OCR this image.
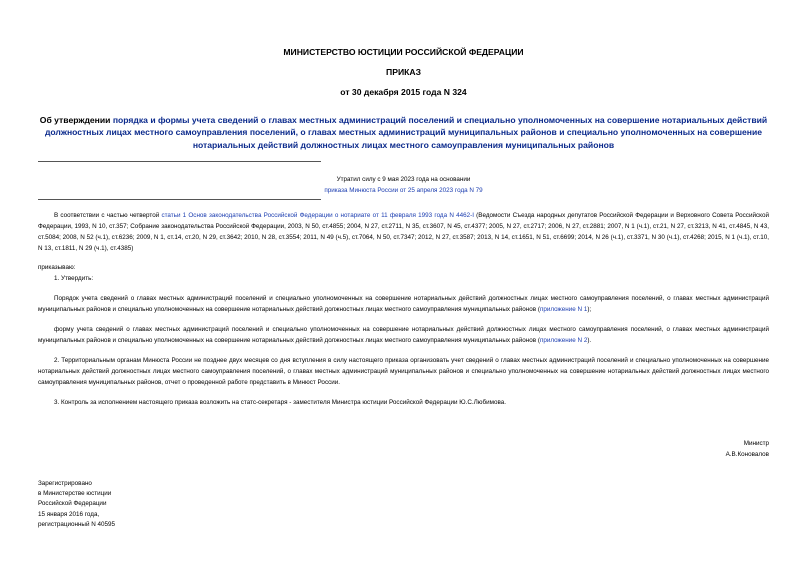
МИНИСТЕРСТВО ЮСТИЦИИ РОССИЙСКОЙ ФЕДЕРАЦИИ
ПРИКАЗ
от 30 декабря 2015 года N 324
Об утверждении порядка и формы учета сведений о главах местных администраций поселений и специально уполномоченных на совершение нотариальных действий должностных лицах местного самоуправления поселений, о главах местных администраций муниципальных районов и специально уполномоченных на совершение нотариальных действий должностных лицах местного самоуправления муниципальных районов
Утратил силу с 9 мая 2023 года на основании
приказа Минюста России от 25 апреля 2023 года N 79
В соответствии с частью четвертой статьи 1 Основ законодательства Российской Федерации о нотариате от 11 февраля 1993 года N 4462-I (Ведомости Съезда народных депутатов Российской Федерации и Верховного Совета Российской Федерации, 1993, N 10, ст.357; Собрание законодательства Российской Федерации, 2003, N 50, ст.4855; 2004, N 27, ст.2711, N 35, ст.3607, N 45, ст.4377; 2005, N 27, ст.2717; 2006, N 27, ст.2881; 2007, N 1 (ч.1), ст.21, N 27, ст.3213, N 41, ст.4845, N 43, ст.5084; 2008, N 52 (ч.1), ст.6236; 2009, N 1, ст.14, ст.20, N 29, ст.3642; 2010, N 28, ст.3554; 2011, N 49 (ч.5), ст.7064, N 50, ст.7347; 2012, N 27, ст.3587; 2013, N 14, ст.1651, N 51, ст.6699; 2014, N 26 (ч.1), ст.3371, N 30 (ч.1), ст.4268; 2015, N 1 (ч.1), ст.10, N 13, ст.1811, N 29 (ч.1), ст.4385)
приказываю:
1. Утвердить:
Порядок учета сведений о главах местных администраций поселений и специально уполномоченных на совершение нотариальных действий должностных лицах местного самоуправления поселений, о главах местных администраций муниципальных районов и специально уполномоченных на совершение нотариальных действий должностных лицах местного самоуправления муниципальных районов (приложение N 1);
форму учета сведений о главах местных администраций поселений и специально уполномоченных на совершение нотариальных действий должностных лицах местного самоуправления поселений, о главах местных администраций муниципальных районов и специально уполномоченных на совершение нотариальных действий должностных лицах местного самоуправления муниципальных районов (приложение N 2).
2. Территориальным органам Минюста России не позднее двух месяцев со дня вступления в силу настоящего приказа организовать учет сведений о главах местных администраций поселений и специально уполномоченных на совершение нотариальных действий должностных лицах местного самоуправления поселений, о главах местных администраций муниципальных районов и специально уполномоченных на совершение нотариальных действий должностных лицах местного самоуправления муниципальных районов, отчет о проведенной работе представить в Минюст России.
3. Контроль за исполнением настоящего приказа возложить на статс-секретаря - заместителя Министра юстиции Российской Федерации Ю.С.Любимова.
Министр
А.В.Коновалов
Зарегистрировано
в Министерстве юстиции
Российской Федерации
15 января 2016 года,
регистрационный N 40595
